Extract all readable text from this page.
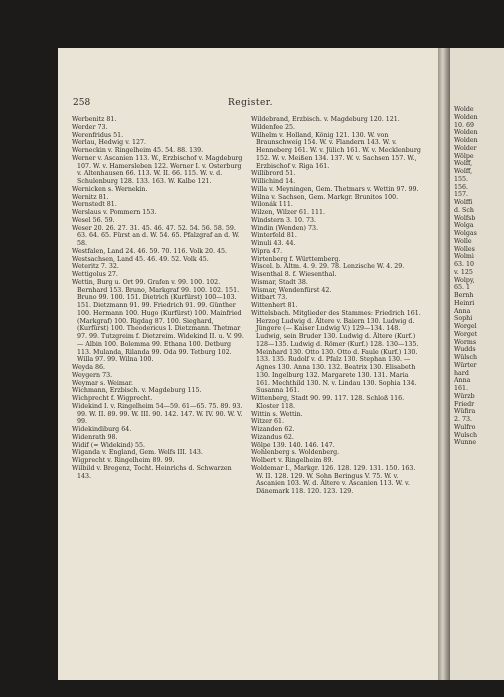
258	Register.
Werbenitz 81.
Werder 73.
Werenfridus 51.
Werlau, Hedwig v. 127.
Werneckin v. Ringelheim 45. 54. 88. 139.
Werner v. Ascanien 113. W., Erzbischof v. Magdeburg 107. W. v. Hamersleben 122. Werner I. v. Osterburg v. Altenhausen 66. 113. W. II. 66. 115. W. v. d. Schulenburg 128. 133. 163. W. Kalbe 121.
Wernicken s. Wernekin.
Wernitz 81.
Wernstedt 81.
Werslaus v. Pommern 153.
Wesel 56. 59.
Weser 20. 26. 27. 31. 45. 46. 47. 52. 54. 56. 58. 59. 63. 64. 65. Fürst an d. W. 54. 65. Pfalzgraf an d. W. 58.
Westfalen, Land 24. 46. 59. 70. 116. Volk 20. 45.
Westsachsen, Land 45. 46. 49. 52. Volk 45.
Weteritz 7. 32.
Wettigolus 27.
Wettin, Burg u. Ort 99. Grafen v. 99. 100. 102. Bernhard 153. Bruno, Markgraf 99. 100. 102. 151. Bruno 99. 100. 151. Dietrich (Kurfürst) 100—103. 151. Dietzmann 91. 99. Friedrich 91. 99. Günther 100. Hermann 100. Hugo (Kurfürst) 100. Mainfried (Markgraf) 100. Rigdag 87. 100. Sieghard, (Kurfürst) 100. Theodericus I. Dietzmann. Thetmar 97. 99. Tutzgreim f. Dietzreim. Widekind II. u. V. 99. — Albin 100. Bolemma 99. Ethana 100. Detburg 113. Mulanda, Rilanda 99. Oda 99. Tetburg 102. Willa 97. 99. Wilna 100.
Weyda 86.
Weygern 73.
Weymar s. Weimar.
Wichmann, Erzbisch. v. Magdeburg 115.
Wichprecht f. Wigprecht.
Widekind I. v. Ringelheim 54—59. 61—65. 75. 89. 93. 99. W. II. 89. 99. W. III. 90. 142. 147. W. IV. 90. W. V. 99.
Widekindiburg 64.
Widenrath 98.
Widif (= Widekind) 55.
Wiganda v. England, Gem. Welfs III. 143.
Wigprecht v. Ringelheim 89. 99.
Wilbild v. Bregenz, Tocht. Heinrichs d. Schwarzen 143.
Wildebrand, Erzbisch. v. Magdeburg 120. 121.
Wildenfee 25.
Wilhelm v. Holland, König 121. 130. W. von Braunschweig 154. W. v. Flandern 143. W. v. Henneberg 161. W. v. Jülich 161. W. v. Mecklenburg 152. W. v. Meißen 134. 137. W. v. Sachsen 157. W., Erzbischof v. Riga 161.
Willibrord 51.
Willichind 14.
Willa v. Meyningen, Gem. Thetmars v. Wettin 97. 99.
Wilna v. Sachsen, Gem. Markgr. Brunitos 100.
Wilonák 111.
Wilzen, Wilzer 61. 111.
Windstern 3. 10. 73.
Windin (Wenden) 73.
Winterfeld 81.
Winuli 43. 44.
Wipra 47.
Wirtenberg f. Württemberg.
Wiscel. b. Altm. 4. 9. 29. 78. Lenzische W. 4. 29.
Wisenthal 8. f. Wiesenthal.
Wismar, Stadt 38.
Wismar, Wendenfürst 42.
Witbart 73.
Wittenhert 81.
Wittelsbach. Mitglieder des Stammes: Friedrich 161. Herzog Ludwig d. Ältere v. Baiern 130. Ludwig d. Jüngere (— Kaiser Ludwig V.) 129—134. 148. Ludwig, sein Bruder 130. Ludwig d. Ältere (Kurf.) 128—135. Ludwig d. Römer (Kurf.) 128. 130—135. Meinhard 130. Otto 130. Otto d. Faule (Kurf.) 130. 133. 135. Rudolf v. d. Pfalz 130. Stephan 130. — Agnes 130. Anna 130. 132. Beatrix 130. Elisabeth 130. Ingelburg 132. Margarete 130. 131. Maria 161. Mechthild 130. N. v. Lindau 130. Sophia 134. Susanna 161.
Wittenberg, Stadt 90. 99. 117. 128. Schloß 116. Kloster 118.
Wittin s. Wettin.
Witzer 61.
Wizanden 62.
Wizandus 62.
Wölpe 139. 140. 146. 147.
Wohlenberg s. Woldenberg.
Wolbert v. Ringelheim 89.
Woldemar I., Markgr. 126. 128. 129. 131. 150. 163. W. II. 128. 129. W. Sohn Beringus V. 75. W. v. Ascanien 103. W. d. Ältere v. Ascanien 113. W. v. Dänemark 118. 120. 123. 129.
Wolde
Wolden
10. 69
Wolden
Wolden
Wolder
Wölpe
Wolff,
Wolff,
155.
156.
157.
Wolffi
d. Sch
Wolfsb
Wolga
Wolgas
Wolle
Wolles
Wolmi
63. 10
v. 125
Wolpy,
65. 1
Bernh
Heinri
Anna
Sophi
Worgel
Worget
Worms
Wudds
Wülsch
Würter
hard
Anna
161.
Würzb
Friedr
Wüfira
2. 73.
Wulfro
Wulsch
Wunne
